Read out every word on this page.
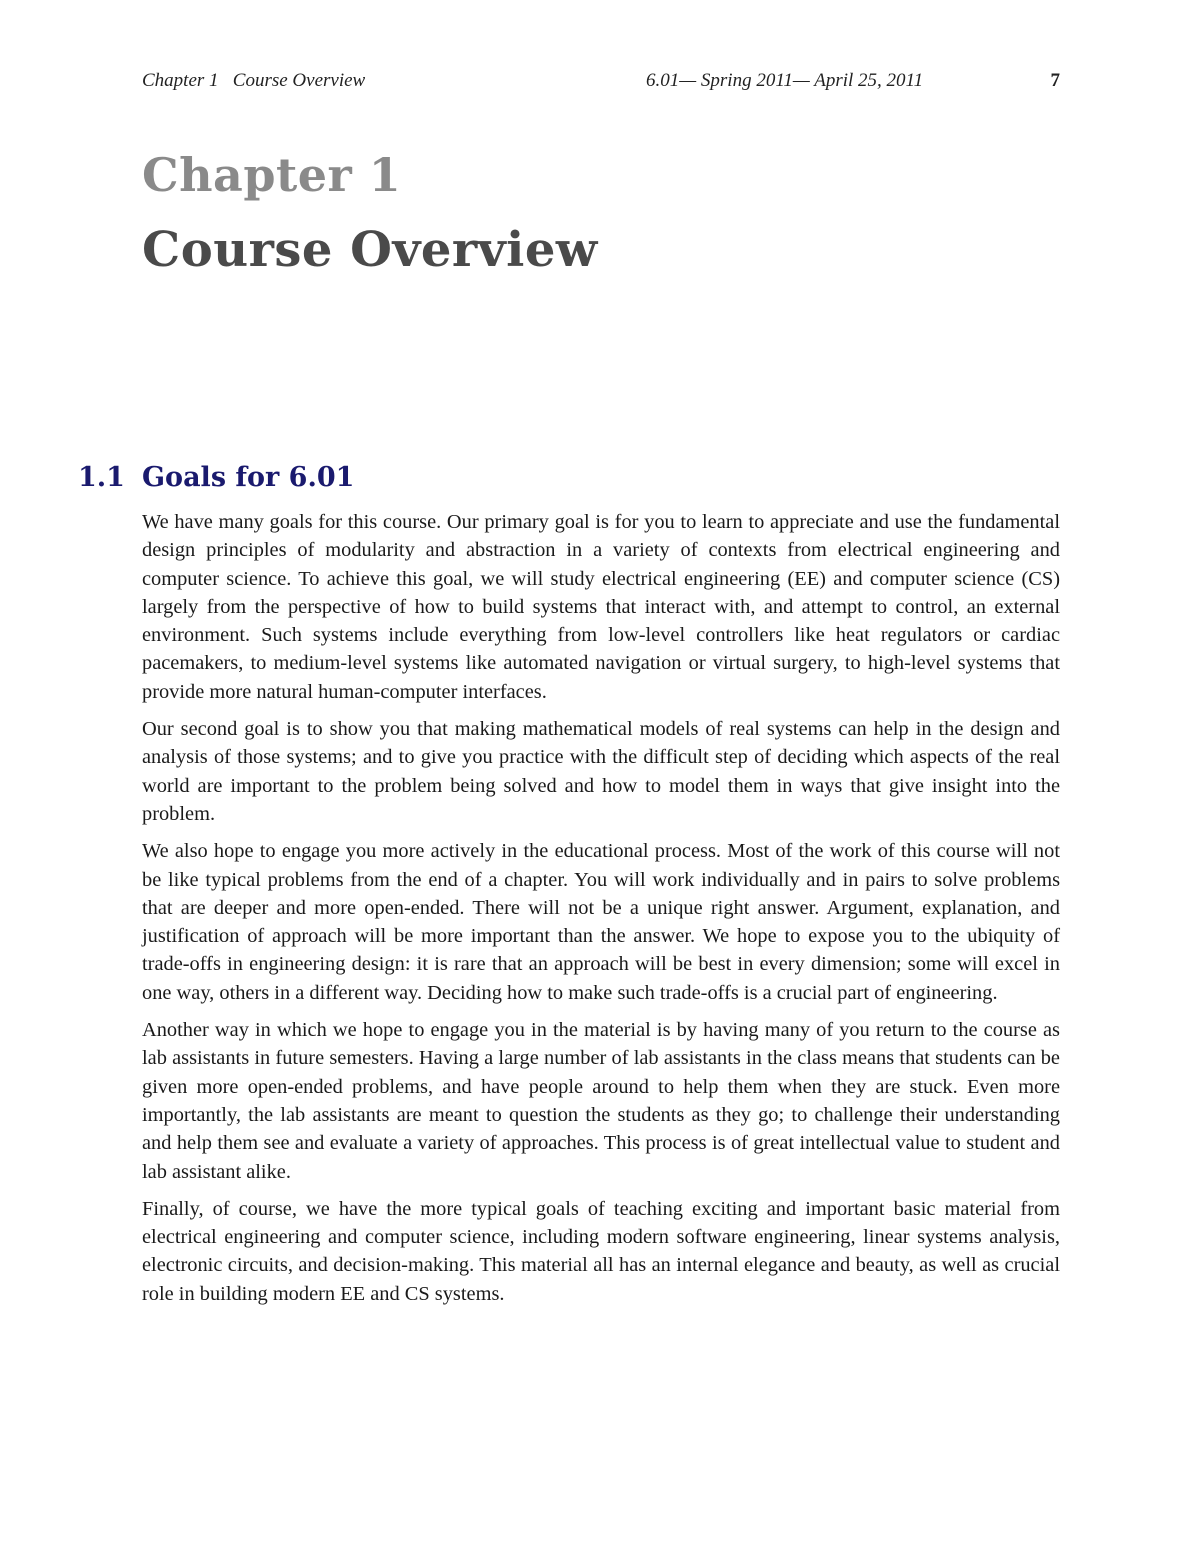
Chapter 1   Course Overview	6.01— Spring 2011— April 25, 2011	7
Chapter 1
Course Overview
1.1 Goals for 6.01

We have many goals for this course. Our primary goal is for you to learn to appreciate and use the fundamental design principles of modularity and abstraction in a variety of contexts from electrical engineering and computer science. To achieve this goal, we will study electrical engineering (EE) and computer science (CS) largely from the perspective of how to build systems that interact with, and attempt to control, an external environment. Such systems include everything from low-level controllers like heat regulators or cardiac pacemakers, to medium-level systems like automated navigation or virtual surgery, to high-level systems that provide more natural human-computer interfaces.

Our second goal is to show you that making mathematical models of real systems can help in the design and analysis of those systems; and to give you practice with the difficult step of deciding which aspects of the real world are important to the problem being solved and how to model them in ways that give insight into the problem.

We also hope to engage you more actively in the educational process. Most of the work of this course will not be like typical problems from the end of a chapter. You will work individually and in pairs to solve problems that are deeper and more open-ended. There will not be a unique right answer. Argument, explanation, and justification of approach will be more important than the answer. We hope to expose you to the ubiquity of trade-offs in engineering design: it is rare that an approach will be best in every dimension; some will excel in one way, others in a different way. Deciding how to make such trade-offs is a crucial part of engineering.

Another way in which we hope to engage you in the material is by having many of you return to the course as lab assistants in future semesters. Having a large number of lab assistants in the class means that students can be given more open-ended problems, and have people around to help them when they are stuck. Even more importantly, the lab assistants are meant to question the students as they go; to challenge their understanding and help them see and evaluate a variety of approaches. This process is of great intellectual value to student and lab assistant alike.

Finally, of course, we have the more typical goals of teaching exciting and important basic material from electrical engineering and computer science, including modern software engineering, linear systems analysis, electronic circuits, and decision-making. This material all has an internal elegance and beauty, as well as crucial role in building modern EE and CS systems.
